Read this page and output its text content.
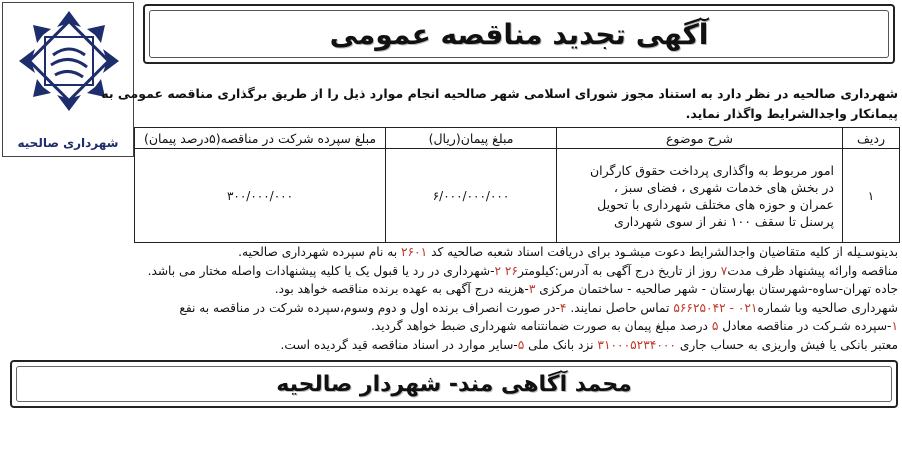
شهرداری صالحیه
آگهی تجدید مناقصه عمومی

شهرداری صالحیه در نظر دارد به استناد مجوز شورای اسلامی شهر صالحیه انجام موارد ذیل را از طریق برگذاری مناقصه عمومی به

پیمانکار واجدالشرایط واگذار نماید.

ردیف	شرح موضوع	مبلغ پیمان(ریال)	مبلغ سپرده شرکت در مناقصه(۵درصد پیمان)
۱	امور مربوط به واگذاری پرداخت حقوق کارگران
در بخش های خدمات شهری ، فضای سبز ،
عمران و حوزه های مختلف شهرداری با تحویل
پرسنل تا سقف ۱۰۰ نفر از سوی شهرداری	۶/۰۰۰/۰۰۰/۰۰۰	۳۰۰/۰۰۰/۰۰۰
بدینوسـیله از کلیه متقاضیان واجدالشرایط دعوت میشـود برای دریافت اسناد شعبه صالحیه کد ۲۶۰۱ به نام سپرده شهرداری صالحیه.
مناقصه وارائه پیشنهاد ظرف مدت۷ روز از تاریخ درج آگهی به آدرس:کیلومتر۲۶ ۲-شهرداری در رد یا قبول یک یا کلیه پیشنهادات واصله مختار می باشد.
جاده تهران-ساوه-شهرستان بهارستان - شهر صالحیه - ساختمان مرکزی ۳-هزینه درج آگهی به عهده برنده مناقصه خواهد بود.
شهرداری صالحیه وبا شماره۰۲۱ - ۵۶۶۲۵۰۴۲ تماس حاصل نمایند. ۴-در صورت انصراف برنده اول و دوم وسوم،سپرده شرکت در مناقصه به نفع
۱-سپرده شـرکت در مناقصه معادل ۵ درصد مبلغ پیمان به صورت ضمانتنامه شهرداری ضبط خواهد گردید.
معتبر بانکی یا فیش واریزی به حساب جاری ۳۱۰۰۰۵۲۳۴۰۰۰ نزد بانک ملی ۵-سایر موارد در اسناد مناقصه قید گردیده است.
محمد آگاهی مند- شهردار صالحیه
